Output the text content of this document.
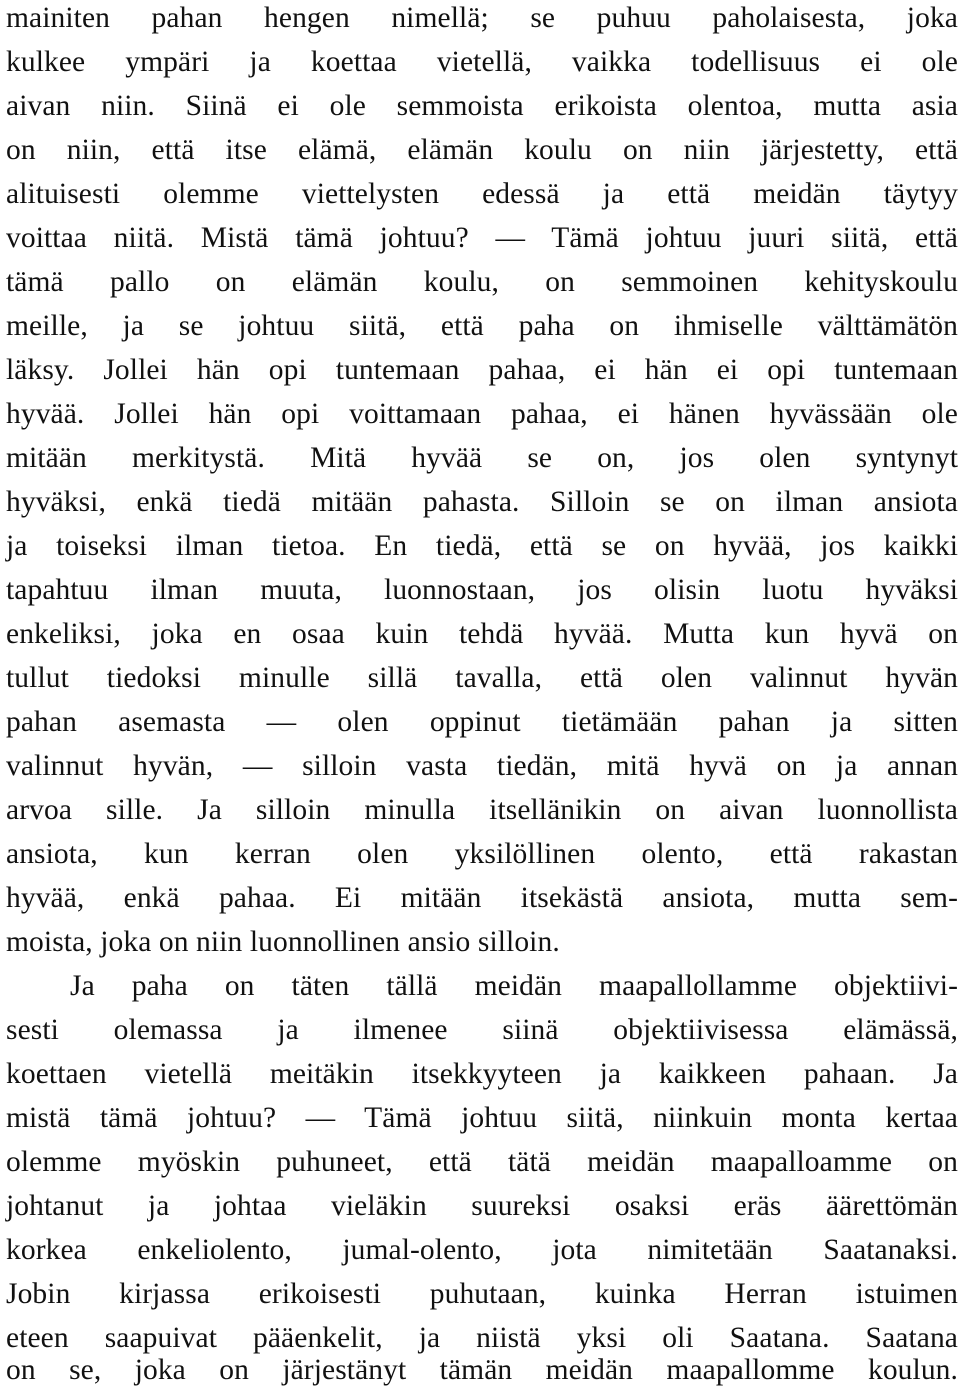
mainiten pahan hengen nimellä; se puhuu paholaisesta, joka
kulkee ympäri ja koettaa vietellä, vaikka todellisuus ei ole
aivan niin. Siinä ei ole semmoista erikoista olentoa, mutta asia
on niin, että itse elämä, elämän koulu on niin järjestetty, että
alituisesti olemme viettelysten edessä ja että meidän täytyy
voittaa niitä. Mistä tämä johtuu? — Tämä johtuu juuri siitä, että
tämä pallo on elämän koulu, on semmoinen kehityskoulu
meille, ja se johtuu siitä, että paha on ihmiselle välttämätön
läksy. Jollei hän opi tuntemaan pahaa, ei hän ei opi tuntemaan
hyvää. Jollei hän opi voittamaan pahaa, ei hänen hyvässään ole
mitään merkitystä. Mitä hyvää se on, jos olen syntynyt
hyväksi, enkä tiedä mitään pahasta. Silloin se on ilman ansiota
ja toiseksi ilman tietoa. En tiedä, että se on hyvää, jos kaikki
tapahtuu ilman muuta, luonnostaan, jos olisin luotu hyväksi
enkeliksi, joka en osaa kuin tehdä hyvää. Mutta kun hyvä on
tullut tiedoksi minulle sillä tavalla, että olen valinnut hyvän
pahan asemasta — olen oppinut tietämään pahan ja sitten
valinnut hyvän, — silloin vasta tiedän, mitä hyvä on ja annan
arvoa sille. Ja silloin minulla itsellänikin on aivan luonnollista
ansiota, kun kerran olen yksilöllinen olento, että rakastan
hyvää, enkä pahaa. Ei mitään itsekästä ansiota, mutta sem-
moista, joka on niin luonnollinen ansio silloin.
Ja paha on täten tällä meidän maapallollamme objektiivi-
sesti olemassa ja ilmenee siinä objektiivisessa elämässä,
koettaen vietellä meitäkin itsekkyyteen ja kaikkeen pahaan. Ja
mistä tämä johtuu? — Tämä johtuu siitä, niinkuin monta kertaa
olemme myöskin puhuneet, että tätä meidän maapalloamme on
johtanut ja johtaa vieläkin suureksi osaksi eräs äärettömän
korkea enkeliolento, jumal-olento, jota nimitetään Saatanaksi.
Jobin kirjassa erikoisesti puhutaan, kuinka Herran istuimen
eteen saapuivat pääenkelit, ja niistä yksi oli Saatana. Saatana
on se, joka on järjestänyt tämän meidän maapallomme koulun.
